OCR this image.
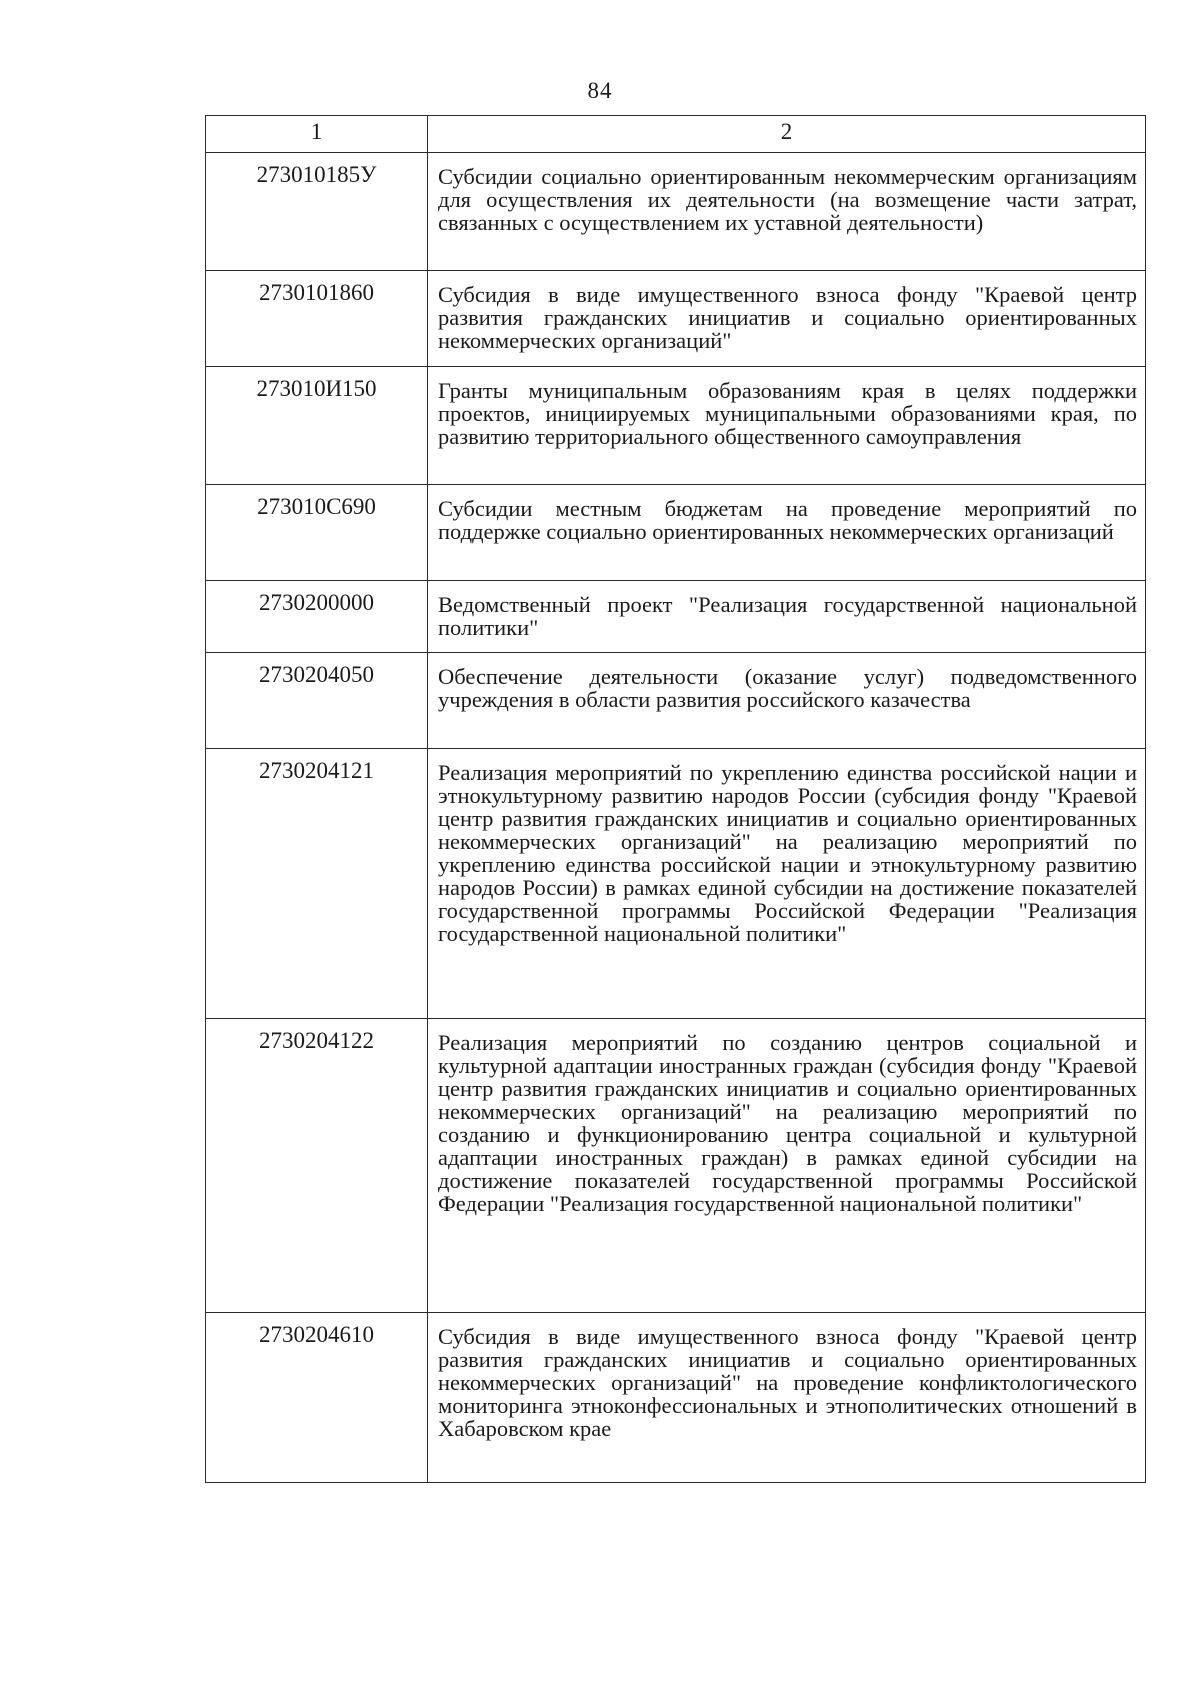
84
1	2
273010185У	Субсидии социально ориентированным некоммерческим организациям для осуществления их деятельности (на возмещение части затрат, связанных с осуществлением их уставной деятельности)
2730101860	Субсидия в виде имущественного взноса фонду "Краевой центр развития гражданских инициатив и социально ориентированных некоммерческих организаций"
273010И150	Гранты муниципальным образованиям края в целях поддержки проектов, инициируемых муниципальными образованиями края, по развитию территориального общественного самоуправления
273010С690	Субсидии местным бюджетам на проведение мероприятий по поддержке социально ориентированных некоммерческих организаций
2730200000	Ведомственный проект "Реализация государственной национальной политики"
2730204050	Обеспечение деятельности (оказание услуг) подведомственного учреждения в области развития российского казачества
2730204121	Реализация мероприятий по укреплению единства российской нации и этнокультурному развитию народов России (субсидия фонду "Краевой центр развития гражданских инициатив и социально ориентированных некоммерческих организаций" на реализацию мероприятий по укреплению единства российской нации и этнокультурному развитию народов России) в рамках единой субсидии на достижение показателей государственной программы Российской Федерации "Реализация государственной национальной политики"
2730204122	Реализация мероприятий по созданию центров социальной и культурной адаптации иностранных граждан (субсидия фонду "Краевой центр развития гражданских инициатив и социально ориентированных некоммерческих организаций" на реализацию мероприятий по созданию и функционированию центра социальной и культурной адаптации иностранных граждан) в рамках единой субсидии на достижение показателей государственной программы Российской Федерации "Реализация государственной национальной политики"
2730204610	Субсидия в виде имущественного взноса фонду "Краевой центр развития гражданских инициатив и социально ориентированных некоммерческих организаций" на проведение конфликтологического мониторинга этноконфессиональных и этнополитических отношений в Хабаровском крае
